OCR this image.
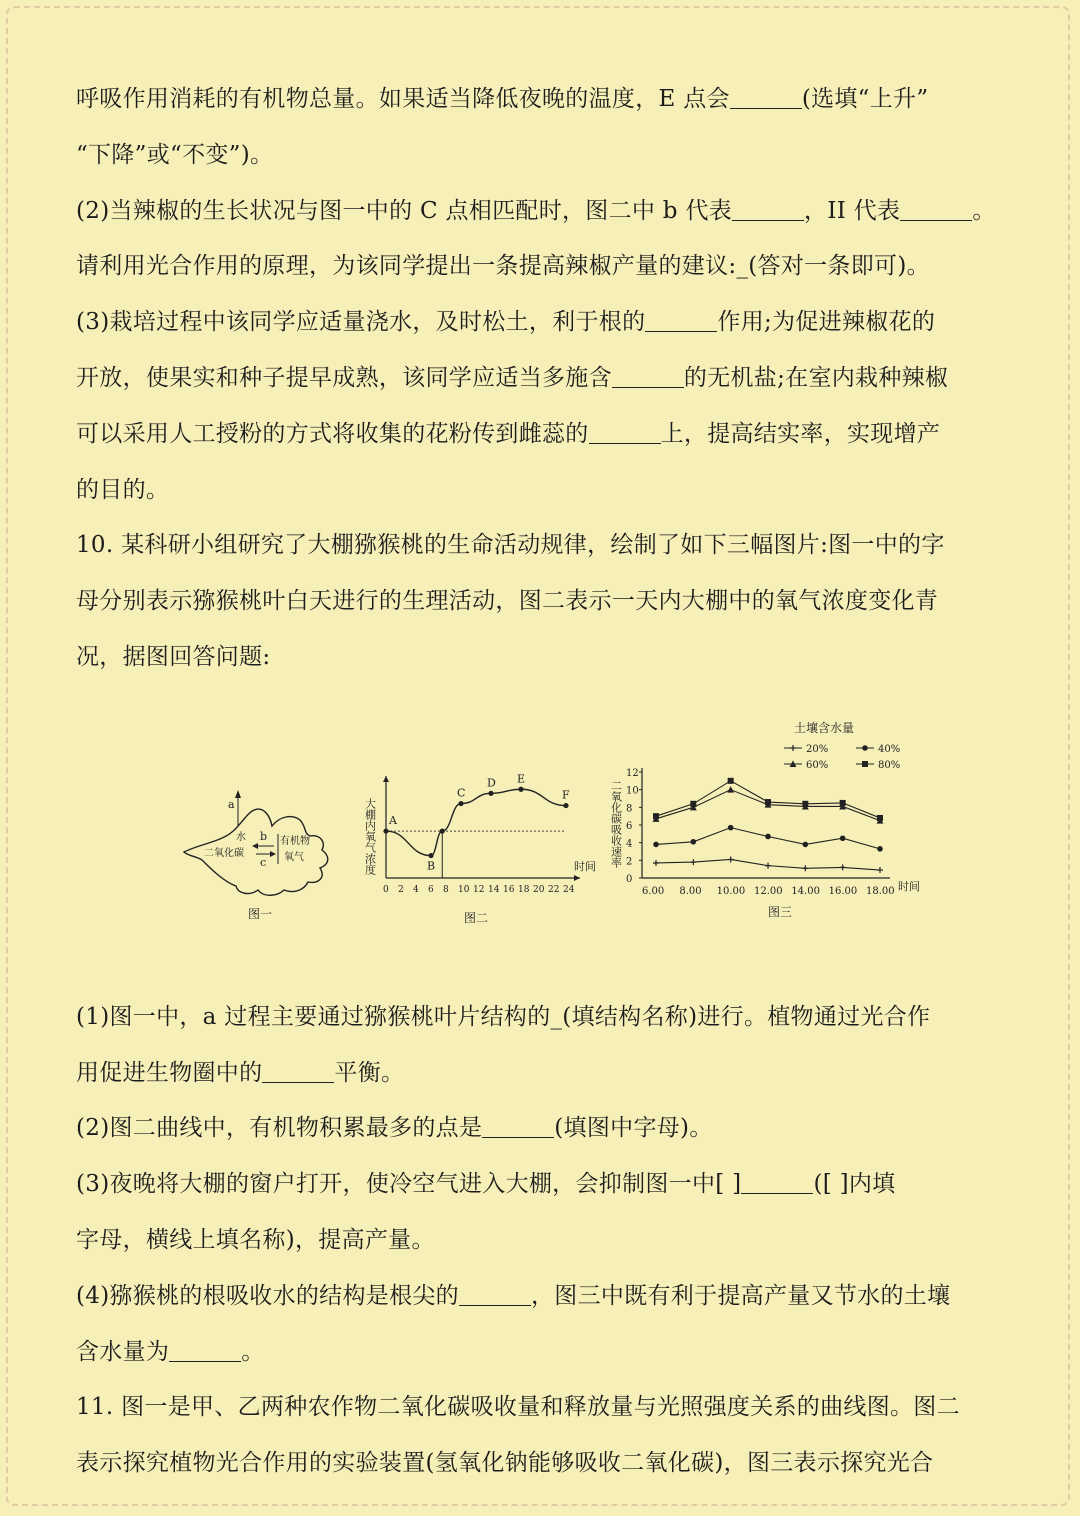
呼吸作用消耗的有机物总量。如果适当降低夜晚的温度，E 点会	(选填“上升”
“下降”或“不变”)。
(2)当辣椒的生长状况与图一中的 C 点相匹配时，图二中 b 代表	，II 代表	。
请利用光合作用的原理，为该同学提出一条提高辣椒产量的建议:_(答对一条即可)。
(3)栽培过程中该同学应适量浇水，及时松土，利于根的	作用;为促进辣椒花的
开放，使果实和种子提早成熟，该同学应适当多施含	的无机盐;在室内栽种辣椒
可以采用人工授粉的方式将收集的花粉传到雌蕊的	上，提高结实率，实现增产
的目的。
10. 某科研小组研究了大棚猕猴桃的生命活动规律，绘制了如下三幅图片:图一中的字
母分别表示猕猴桃叶白天进行的生理活动，图二表示一天内大棚中的氧气浓度变化青
况，据图回答问题:
a
水
二氧化碳
b
c
有机物
氧气
图一
大棚内氧气浓度	时间
图二
0 2 4 6 8 10 12 14 16 18 20 22 24
A
B
C
D E
F
土壤含水量
二氧化碳吸收速率
时间
图三
0
2
4
6
8
10
12
6.00 8.00 10.00 12.00 14.00 16.00 18.00
20%	40%
60%	80%
(1)图一中，a 过程主要通过猕猴桃叶片结构的_(填结构名称)进行。植物通过光合作
用促进生物圈中的	平衡。
(2)图二曲线中，有机物积累最多的点是	(填图中字母)。
(3)夜晚将大棚的窗户打开，使冷空气进入大棚，会抑制图一中[ ]	([ ]内填
字母，横线上填名称)，提高产量。
(4)猕猴桃的根吸收水的结构是根尖的	，图三中既有利于提高产量又节水的土壤
含水量为	。
11. 图一是甲、乙两种农作物二氧化碳吸收量和释放量与光照强度关系的曲线图。图二
表示探究植物光合作用的实验装置(氢氧化钠能够吸收二氧化碳)，图三表示探究光合
